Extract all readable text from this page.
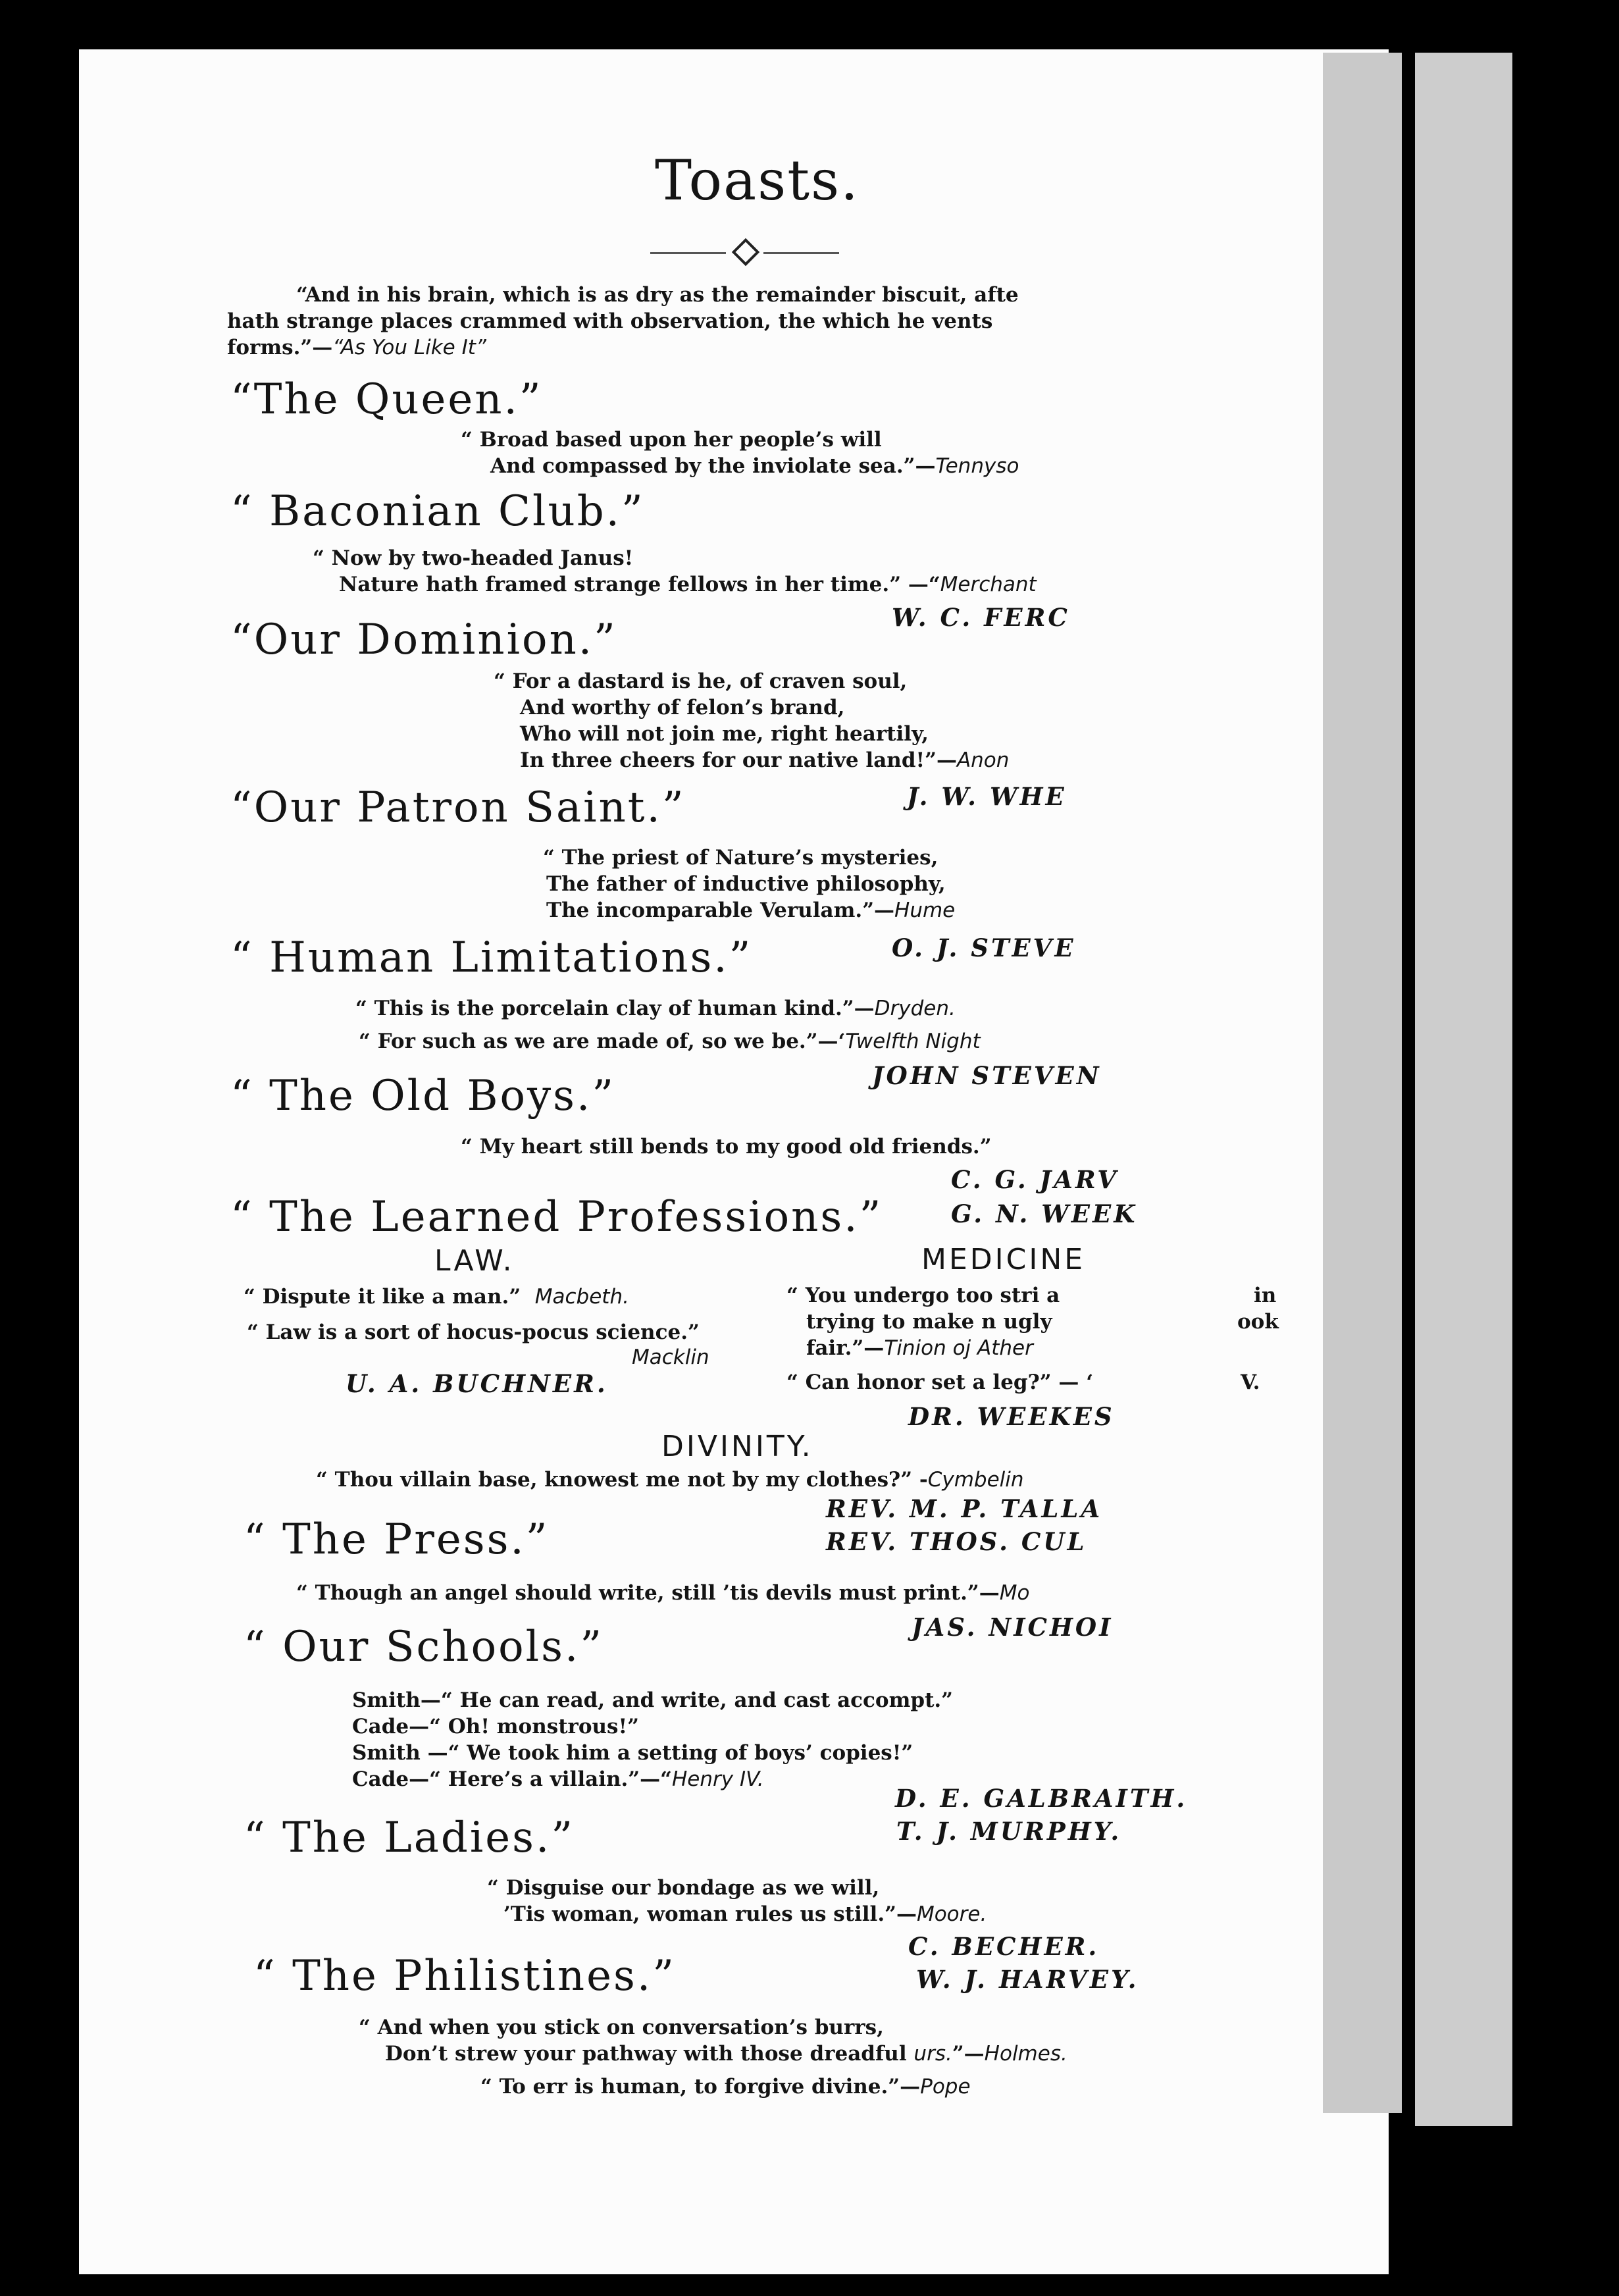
Toasts.
“And in his brain, which is as dry as the remainder biscuit, afte
hath strange places crammed with observation, the which he vents
forms.”—“As You Like It”
“The Queen.”
“ Broad based upon her people’s will
And compassed by the inviolate sea.”—Tennyso
“ Baconian Club.”
“ Now by two-headed Janus!
Nature hath framed strange fellows in her time.” —“Merchant
W. C. FERC
“Our Dominion.”
“ For a dastard is he, of craven soul,
And worthy of felon’s brand,
Who will not join me, right heartily,
In three cheers for our native land!”—Anon
J. W. WHE
“Our Patron Saint.”
“ The priest of Nature’s mysteries,
The father of inductive philosophy,
The incomparable Verulam.”—Hume
O. J. STEVE
“ Human Limitations.”
“ This is the porcelain clay of human kind.”—Dryden.
“ For such as we are made of, so we be.”—‘Twelfth Night
JOHN STEVEN
“ The Old Boys.”
“ My heart still bends to my good old friends.”
C. G. JARV
“ The Learned Professions.”	G. N. WEEK
LAW.	MEDICINE
“ Dispute it like a man.” Macbeth.
“ Law is a sort of hocus-pocus science.”
Macklin
U. A. BUCHNER.
“ You undergo too stri a
trying to make n ugly
fair.”—Tinion oj Ather
“ Can honor set a leg?” — ‘
in
ook
V.
DR. WEEKES
DIVINITY.
“ Thou villain base, knowest me not by my clothes?” -Cymbelin
REV. M. P. TALLA
REV. THOS. CUL
“ The Press.”
“ Though an angel should write, still ’tis devils must print.”—Mo
JAS. NICHOI
“ Our Schools.”
Smith—“ He can read, and write, and cast accompt.”
Cade—“ Oh! monstrous!”
Smith —“ We took him a setting of boys’ copies!”
Cade—“ Here’s a villain.”—“Henry IV.
D. E. GALBRAITH.
T. J. MURPHY.
“ The Ladies.”
“ Disguise our bondage as we will,
’Tis woman, woman rules us still.”—Moore.
C. BECHER.
“ The Philistines.”	W. J. HARVEY.
“ And when you stick on conversation’s burrs,
Don’t strew your pathway with those dreadful urs.”—Holmes.
“ To err is human, to forgive divine.”—Pope
